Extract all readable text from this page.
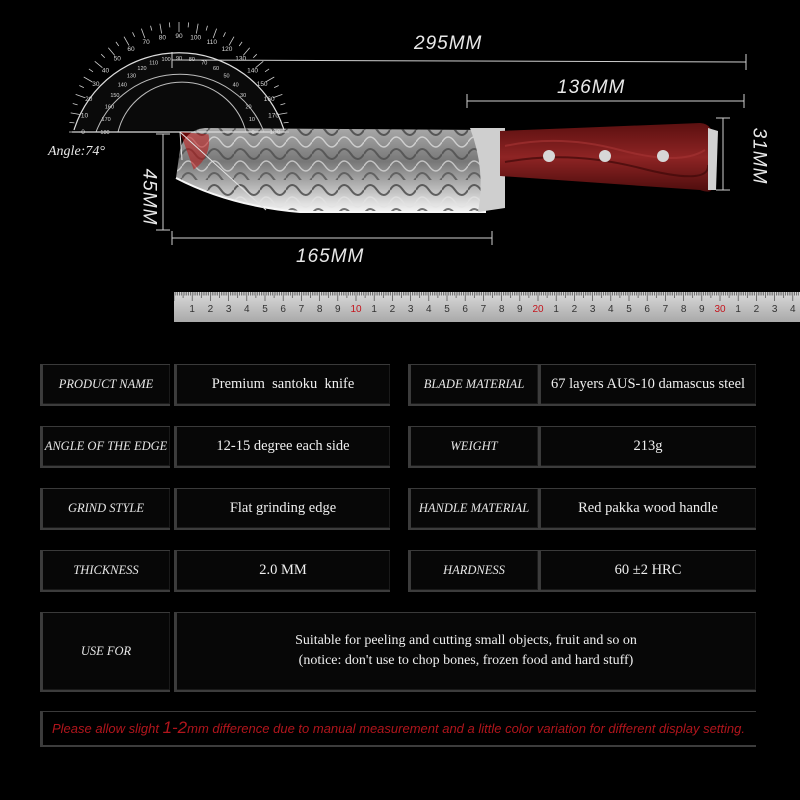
0
10
20
30
40
50
60
70
80 90 100
110
120
130
140
150
160
170
180
180
170
160
150
140
130
120
110
100 90 80
70
60
50
40
30
20
10
0
295MM
136MM
165MM
31MM
45MM
Angle:74°
1 2 3 4 5 6 7 8 9 10 1 2 3 4 5 6 7 8 9 20 1 2 3 4 5 6 7 8 9 30 1 2 3 4
PRODUCT NAME	Premium  santoku  knife	BLADE MATERIAL 67 layers AUS-10 damascus steel
ANGLE OF THE EDGE	12-15 degree each side	WEIGHT	213g
GRIND STYLE	Flat grinding edge	HANDLE MATERIAL	Red pakka wood handle
THICKNESS	2.0 MM	HARDNESS	60 ±2 HRC
USE FOR
Suitable for peeling and cutting small objects, fruit and so on
(notice: don't use to chop bones, frozen food and hard stuff)
Please allow slight 1-2 mm difference due to manual measurement and a little color variation for different display setting.
